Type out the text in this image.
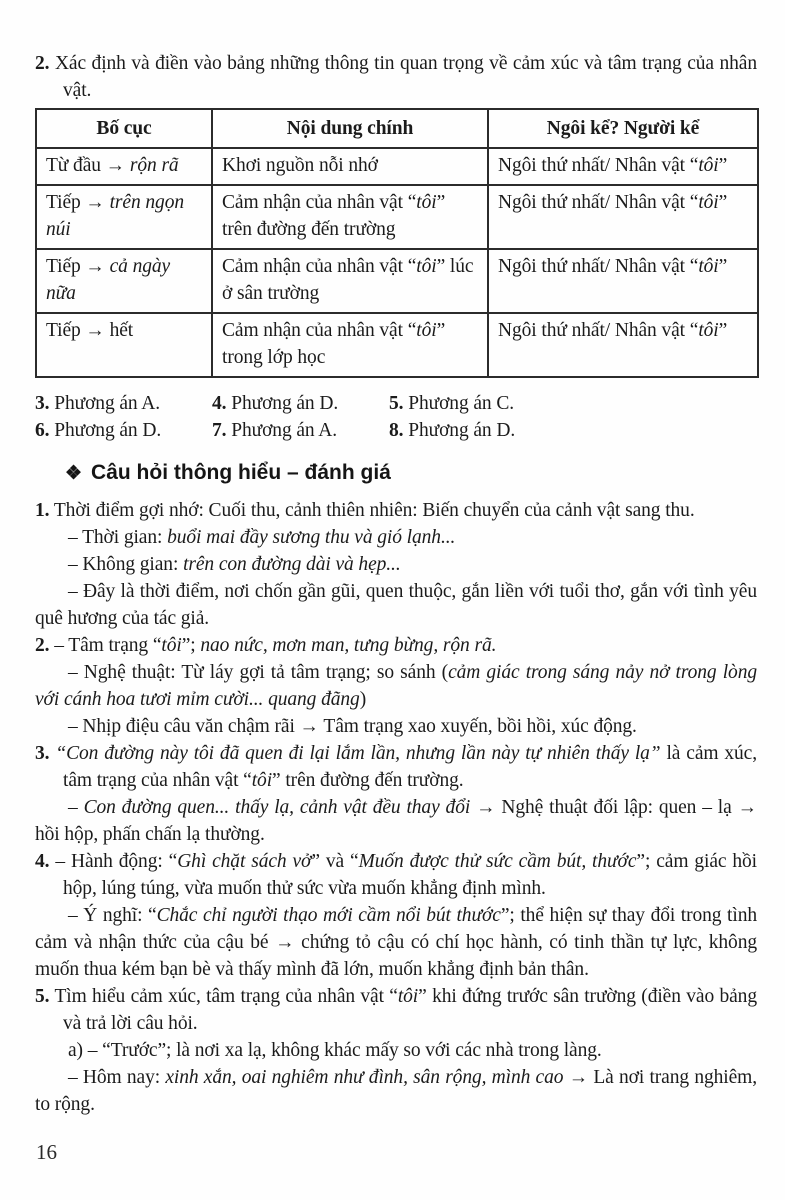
2. Xác định và điền vào bảng những thông tin quan trọng về cảm xúc và tâm trạng của nhân vật.

Bố cục	Nội dung chính	Ngôi kể? Người kể
Từ đầu → rộn rã	Khơi nguồn nỗi nhớ	Ngôi thứ nhất/ Nhân vật “tôi”
Tiếp → trên ngọn núi	Cảm nhận của nhân vật “tôi” trên đường đến trường	Ngôi thứ nhất/ Nhân vật “tôi”
Tiếp → cả ngày nữa	Cảm nhận của nhân vật “tôi” lúc ở sân trường	Ngôi thứ nhất/ Nhân vật “tôi”
Tiếp → hết	Cảm nhận của nhân vật “tôi” trong lớp học	Ngôi thứ nhất/ Nhân vật “tôi”
3. Phương án A.	4. Phương án D.	5. Phương án C.
6. Phương án D.	7. Phương án A.	8. Phương án D.
❖ Câu hỏi thông hiểu – đánh giá

1. Thời điểm gợi nhớ: Cuối thu, cảnh thiên nhiên: Biến chuyển của cảnh vật sang thu.

– Thời gian: buổi mai đầy sương thu và gió lạnh...

– Không gian: trên con đường dài và hẹp...

– Đây là thời điểm, nơi chốn gần gũi, quen thuộc, gắn liền với tuổi thơ, gắn với tình yêu quê hương của tác giả.

2. – Tâm trạng “tôi”; nao nức, mơn man, tưng bừng, rộn rã.

– Nghệ thuật: Từ láy gợi tả tâm trạng; so sánh (cảm giác trong sáng nảy nở trong lòng với cánh hoa tươi mỉm cười... quang đãng)

– Nhịp điệu câu văn chậm rãi → Tâm trạng xao xuyến, bồi hồi, xúc động.

3. “Con đường này tôi đã quen đi lại lắm lần, nhưng lần này tự nhiên thấy lạ” là cảm xúc, tâm trạng của nhân vật “tôi” trên đường đến trường.

– Con đường quen... thấy lạ, cảnh vật đều thay đổi → Nghệ thuật đối lập: quen – lạ → hồi hộp, phấn chấn lạ thường.

4. – Hành động: “Ghì chặt sách vở” và “Muốn được thử sức cầm bút, thước”; cảm giác hồi hộp, lúng túng, vừa muốn thử sức vừa muốn khẳng định mình.

– Ý nghĩ: “Chắc chỉ người thạo mới cầm nổi bút thước”; thể hiện sự thay đổi trong tình cảm và nhận thức của cậu bé → chứng tỏ cậu có chí học hành, có tinh thần tự lực, không muốn thua kém bạn bè và thấy mình đã lớn, muốn khẳng định bản thân.

5. Tìm hiểu cảm xúc, tâm trạng của nhân vật “tôi” khi đứng trước sân trường (điền vào bảng và trả lời câu hỏi.

a) – “Trước”; là nơi xa lạ, không khác mấy so với các nhà trong làng.

– Hôm nay: xinh xắn, oai nghiêm như đình, sân rộng, mình cao → Là nơi trang nghiêm, to rộng.

16
